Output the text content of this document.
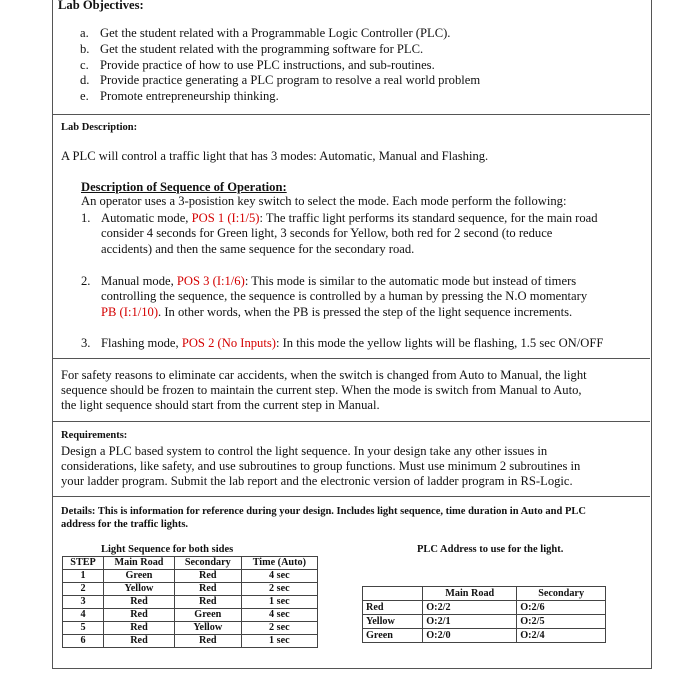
Lab Objectives:
a. Get the student related with a Programmable Logic Controller (PLC).
b. Get the student related with the programming software for PLC.
c. Provide practice of how to use PLC instructions, and sub-routines.
d. Provide practice generating a PLC program to resolve a real world problem
e. Promote entrepreneurship thinking.
Lab Description:
A PLC will control a traffic light that has 3 modes: Automatic, Manual and Flashing.
Description of Sequence of Operation:
An operator uses a 3-posistion key switch to select the mode. Each mode perform the following:
1. Automatic mode, POS 1 (I:1/5): The traffic light performs its standard sequence, for the main road
consider 4 seconds for Green light, 3 seconds for Yellow, both red for 2 second (to reduce
accidents) and then the same sequence for the secondary road.
2. Manual mode, POS 3 (I:1/6): This mode is similar to the automatic mode but instead of timers
controlling the sequence, the sequence is controlled by a human by pressing the N.O momentary
PB (I:1/10). In other words, when the PB is pressed the step of the light sequence increments.
3. Flashing mode, POS 2 (No Inputs): In this mode the yellow lights will be flashing, 1.5 sec ON/OFF
For safety reasons to eliminate car accidents, when the switch is changed from Auto to Manual, the light
sequence should be frozen to maintain the current step. When the mode is switch from Manual to Auto,
the light sequence should start from the current step in Manual.
Requirements:
Design a PLC based system to control the light sequence. In your design take any other issues in
considerations, like safety, and use subroutines to group functions. Must use minimum 2 subroutines in
your ladder program. Submit the lab report and the electronic version of ladder program in RS-Logic.
Details: This is information for reference during your design. Includes light sequence, time duration in Auto and PLC
address for the traffic lights.
Light Sequence for both sides	PLC Address to use for the light.
STEP	Main Road	Secondary	Time (Auto)
1	Green	Red	4 sec
2	Yellow	Red	2 sec
3	Red	Red	1 sec
4	Red	Green	4 sec
5	Red	Yellow	2 sec
6	Red	Red	1 sec
	Main Road	Secondary
Red	O:2/2	O:2/6
Yellow	O:2/1	O:2/5
Green	O:2/0	O:2/4
